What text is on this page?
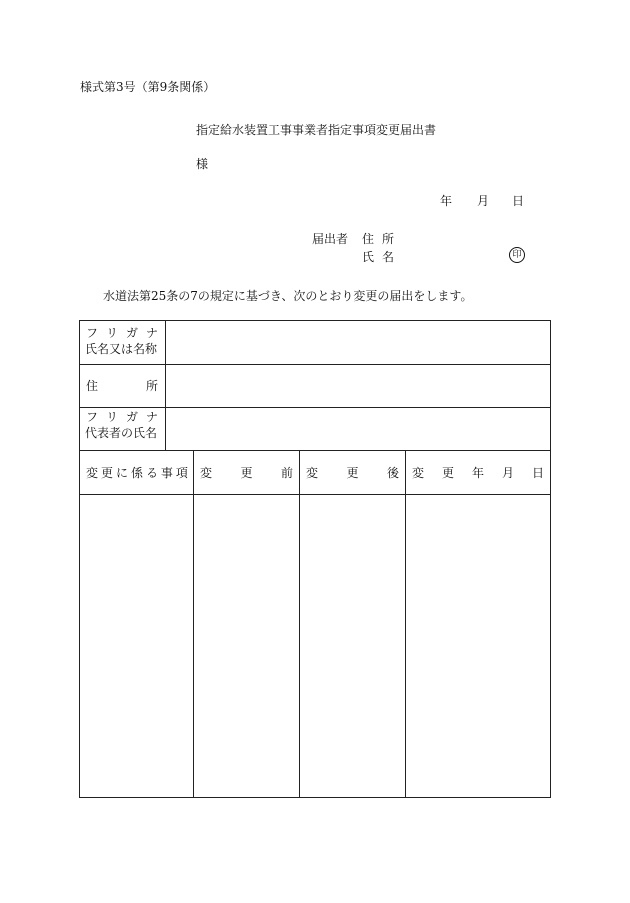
様式第3号（第9条関係）
指定給水装置工事事業者指定事項変更届出書
様
年 月 日
届出者 住 所
氏 名	印
水道法第25条の7の規定に基づき、次のとおり変更の届出をします。
フ リ ガ ナ
氏名又は名称
住	所
フ リ ガ ナ
代表者の氏名
変 更 に 係 る 事 項 変 更 前 変 更 後 変 更 年 月 日
